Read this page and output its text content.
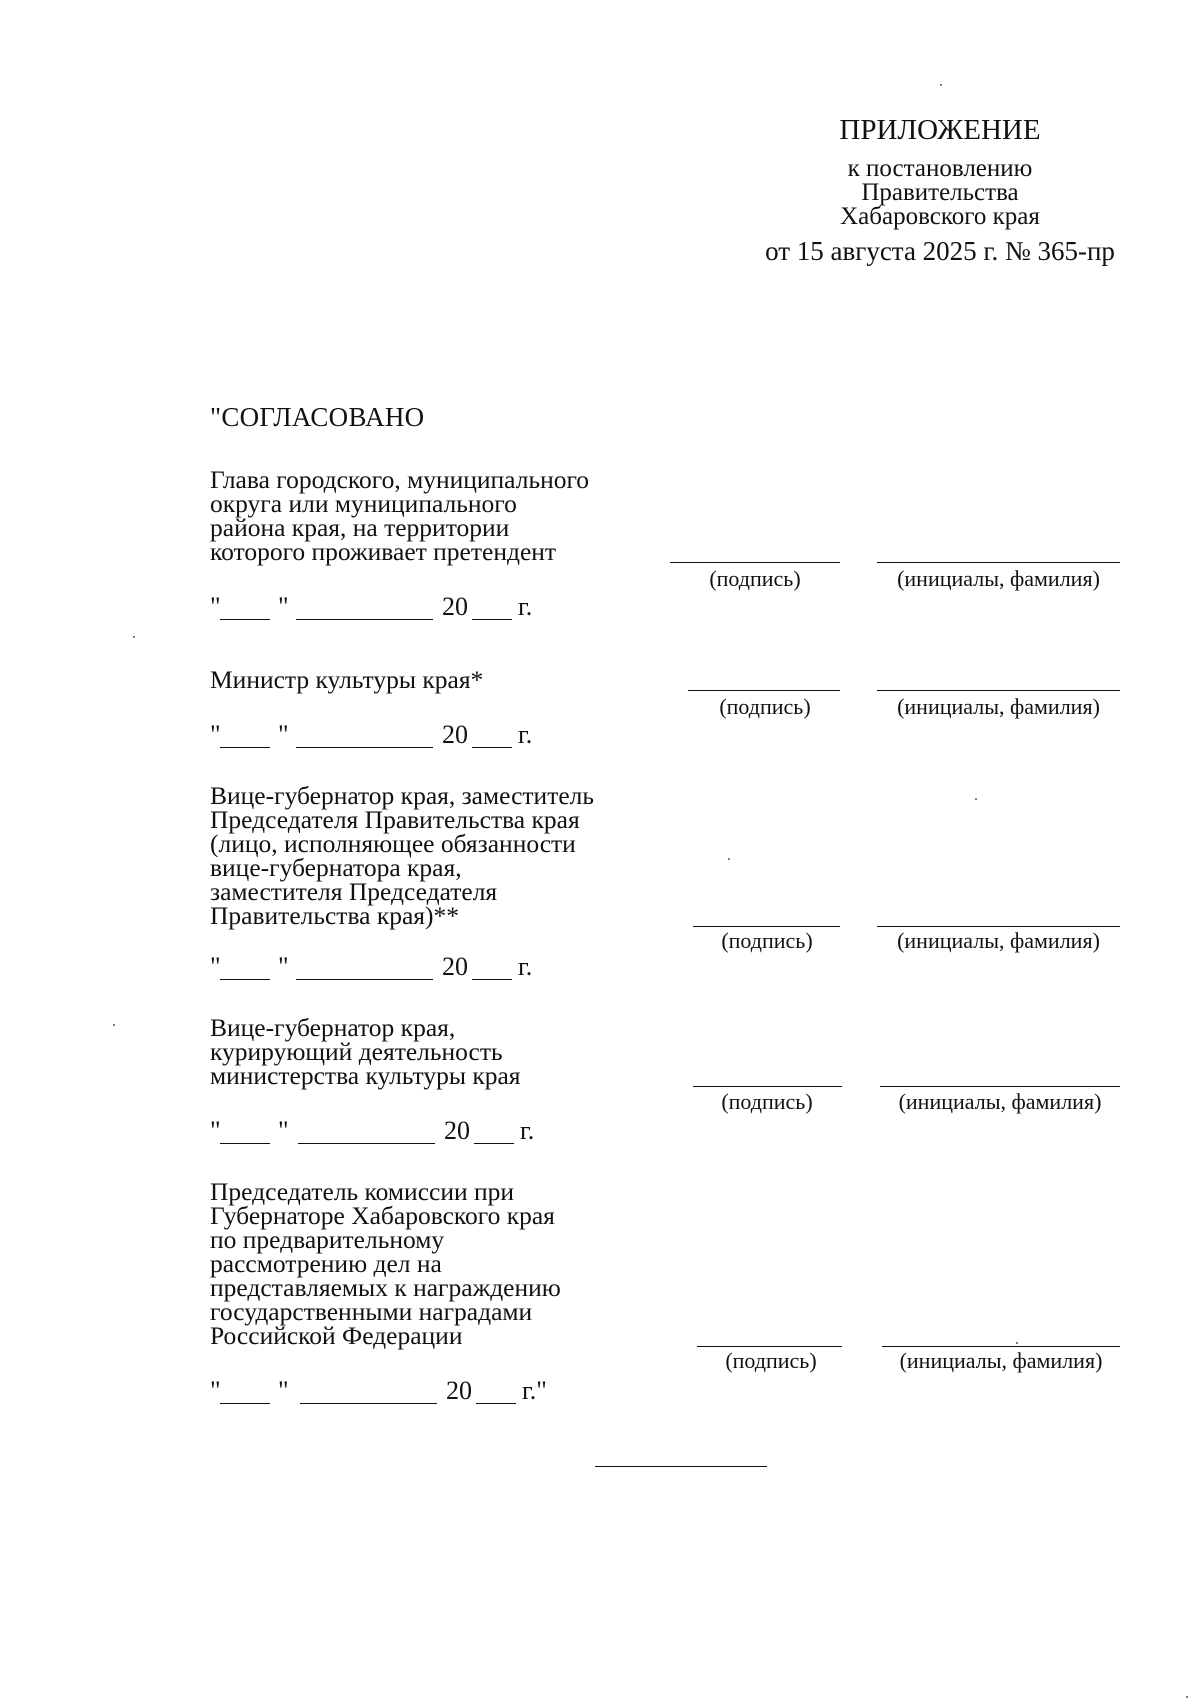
ПРИЛОЖЕНИЕ
к постановлению
Правительства
Хабаровского края
от 15 августа 2025 г. № 365-пр
"СОГЛАСОВАНО
Глава городского, муниципального
округа или муниципального
района края, на территории
которого проживает претендент
(подпись)	(инициалы, фамилия)
" "	20 г.
Министр культуры края*
(подпись)	(инициалы, фамилия)
" "	20 г.
Вице-губернатор края, заместитель
Председателя Правительства края
(лицо, исполняющее обязанности
вице-губернатора края,
заместителя Председателя
Правительства края)**
(подпись)	(инициалы, фамилия)
" "	20 г.
Вице-губернатор края,
курирующий деятельность
министерства культуры края
(подпись)	(инициалы, фамилия)
" "	20 г.
Председатель комиссии при
Губернаторе Хабаровского края
по предварительному
рассмотрению дел на
представляемых к награждению
государственными наградами
Российской Федерации
(подпись)	(инициалы, фамилия)
" "	20 г."
